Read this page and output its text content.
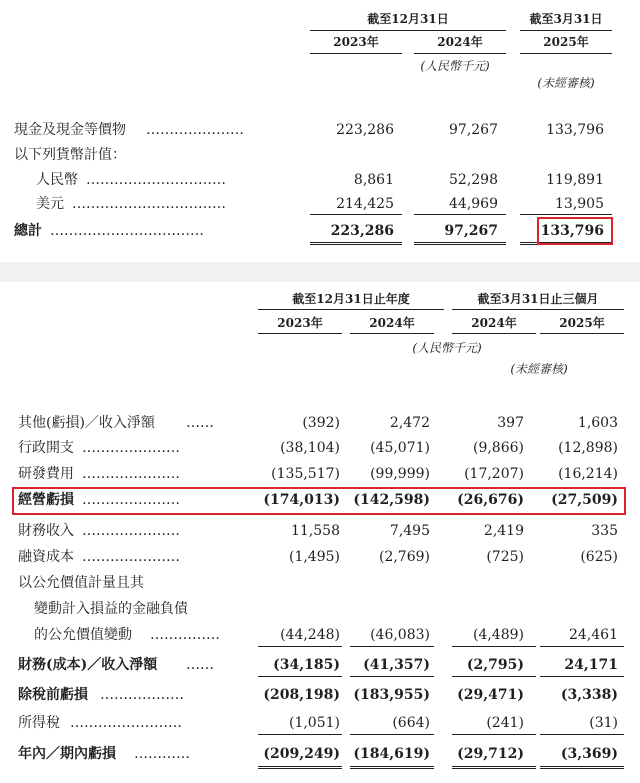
截至12月31日	截至3月31日
2023年	2024年	2025年
(人民幣千元)
(未經審核)
現金及現金等價物 …………………	223,286	97,267	133,796
以下列貨幣計值：
人民幣 …………………………	8,861	52,298	119,891
美元 ……………………………	214,425	44,969	13,905
總計 ……………………………	223,286	97,267	133,796
截至12月31日止年度	截至3月31日止三個月
2023年	2024年	2024年	2025年
(人民幣千元)
(未經審核)
其他(虧損)／收入淨額 ……	(392)	2,472	397	1,603
行政開支 …………………	(38,104)	(45,071)	(9,866)	(12,898)
研發費用 …………………	(135,517)	(99,999)	(17,207)	(16,214)
經營虧損 …………………	(174,013) (142,598)	(26,676)	(27,509)
財務收入 …………………	11,558	7,495	2,419	335
融資成本 …………………	(1,495)	(2,769)	(725)	(625)
以公允價值計量且其
變動計入損益的金融負債
的公允價值變動 ……………	(44,248)	(46,083)	(4,489)	24,461
財務(成本)／收入淨額 ……	(34,185)	(41,357)	(2,795)	24,171
除稅前虧損 ………………	(208,198) (183,955)	(29,471)	(3,338)
所得稅 ……………………	(1,051)	(664)	(241)	(31)
年內／期內虧損 …………	(209,249) (184,619)	(29,712)	(3,369)
